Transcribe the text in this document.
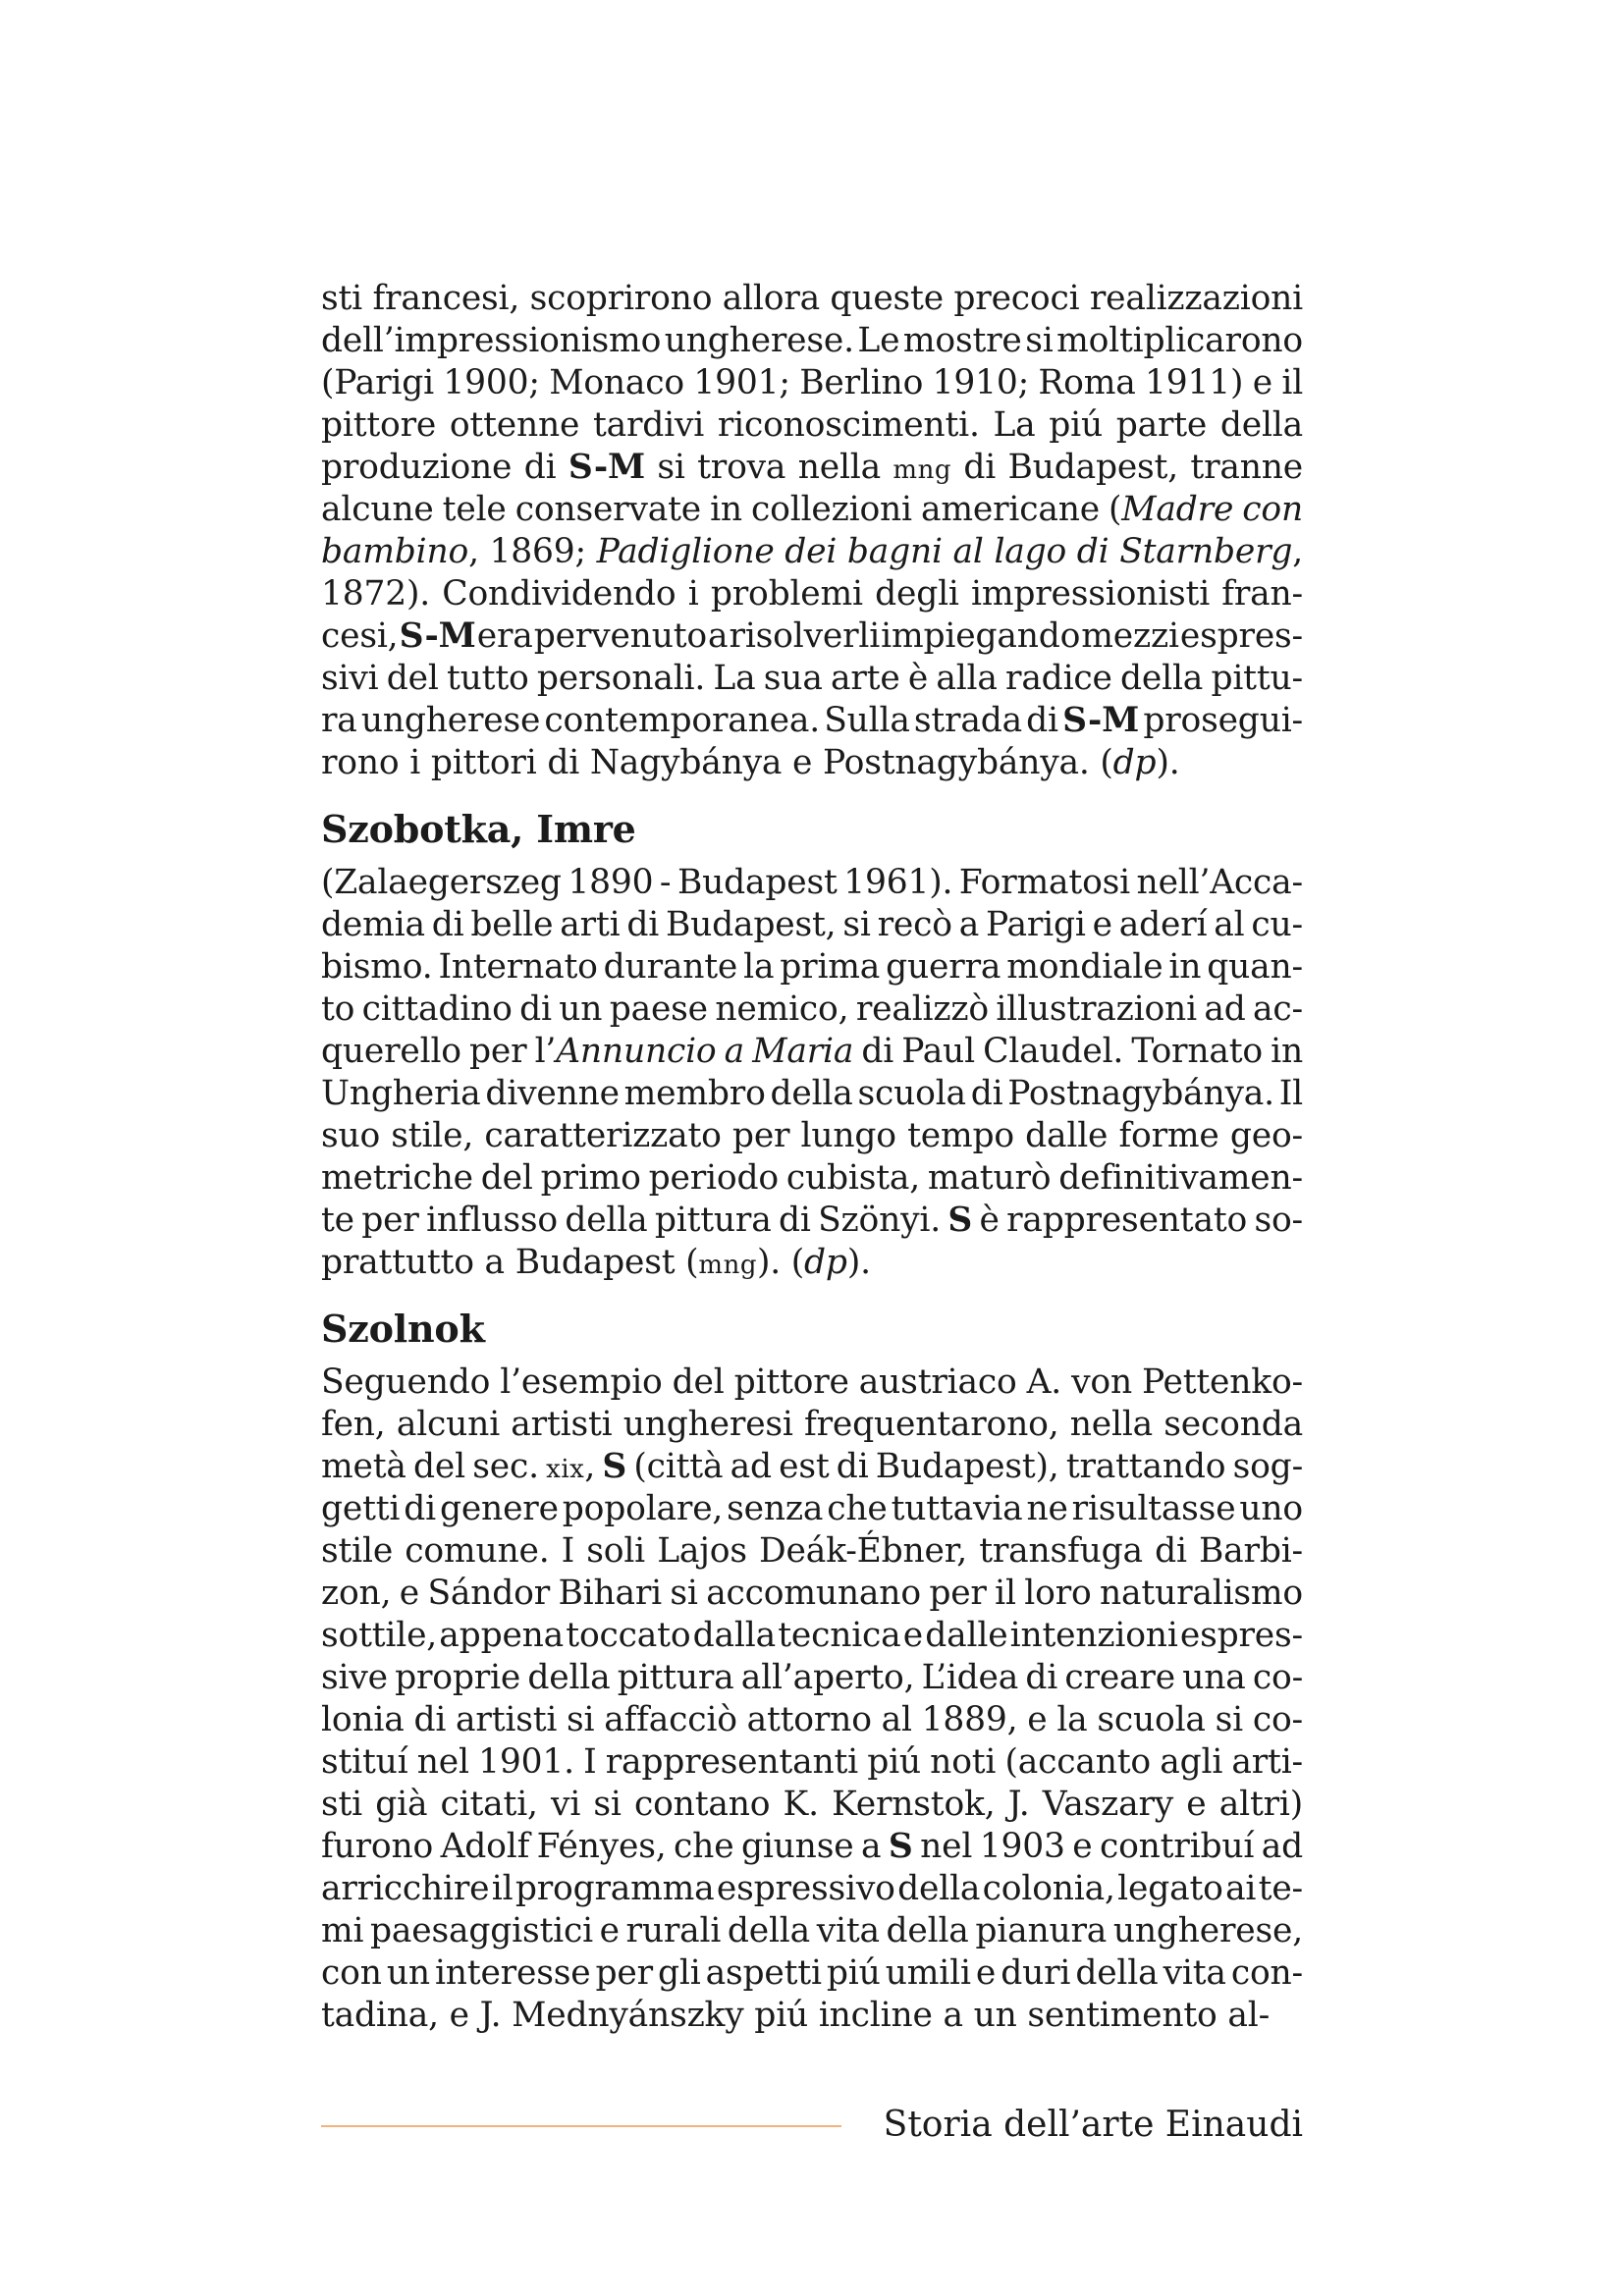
sti francesi, scoprirono allora queste precoci realizzazioni
dell’impressionismo ungherese. Le mostre si moltiplicarono
(Parigi 1900; Monaco 1901; Berlino 1910; Roma 1911) e il
pittore ottenne tardivi riconoscimenti. La piú parte della
produzione di S-M si trova nella mng di Budapest, tranne
alcune tele conservate in collezioni americane (Madre con
bambino, 1869; Padiglione dei bagni al lago di Starnberg,
1872). Condividendo i problemi degli impressionisti fran-
cesi, S-M era pervenuto a risolverli impiegando mezzi espres-
sivi del tutto personali. La sua arte è alla radice della pittu-
ra ungherese contemporanea. Sulla strada di S-M prosegui-
rono i pittori di Nagybánya e Postnagybánya. (dp).
Szobotka, Imre
(Zalaegerszeg 1890 - Budapest 1961). Formatosi nell’Acca-
demia di belle arti di Budapest, si recò a Parigi e aderí al cu-
bismo. Internato durante la prima guerra mondiale in quan-
to cittadino di un paese nemico, realizzò illustrazioni ad ac-
querello per l’Annuncio a Maria di Paul Claudel. Tornato in
Ungheria divenne membro della scuola di Postnagybánya. Il
suo stile, caratterizzato per lungo tempo dalle forme geo-
metriche del primo periodo cubista, maturò definitivamen-
te per influsso della pittura di Szönyi. S è rappresentato so-
prattutto a Budapest (mng). (dp).
Szolnok
Seguendo l’esempio del pittore austriaco A. von Pettenko-
fen, alcuni artisti ungheresi frequentarono, nella seconda
metà del sec. xix, S (città ad est di Budapest), trattando sog-
getti di genere popolare, senza che tuttavia ne risultasse uno
stile comune. I soli Lajos Deák-Ébner, transfuga di Barbi-
zon, e Sándor Bihari si accomunano per il loro naturalismo
sottile, appena toccato dalla tecnica e dalle intenzioni espres-
sive proprie della pittura all’aperto, L’idea di creare una co-
lonia di artisti si affacciò attorno al 1889, e la scuola si co-
stituí nel 1901. I rappresentanti piú noti (accanto agli arti-
sti già citati, vi si contano K. Kernstok, J. Vaszary e altri)
furono Adolf Fényes, che giunse a S nel 1903 e contribuí ad
arricchire il programma espressivo della colonia, legato ai te-
mi paesaggistici e rurali della vita della pianura ungherese,
con un interesse per gli aspetti piú umili e duri della vita con-
tadina, e J. Mednyánszky piú incline a un sentimento al-
Storia dell’arte Einaudi
